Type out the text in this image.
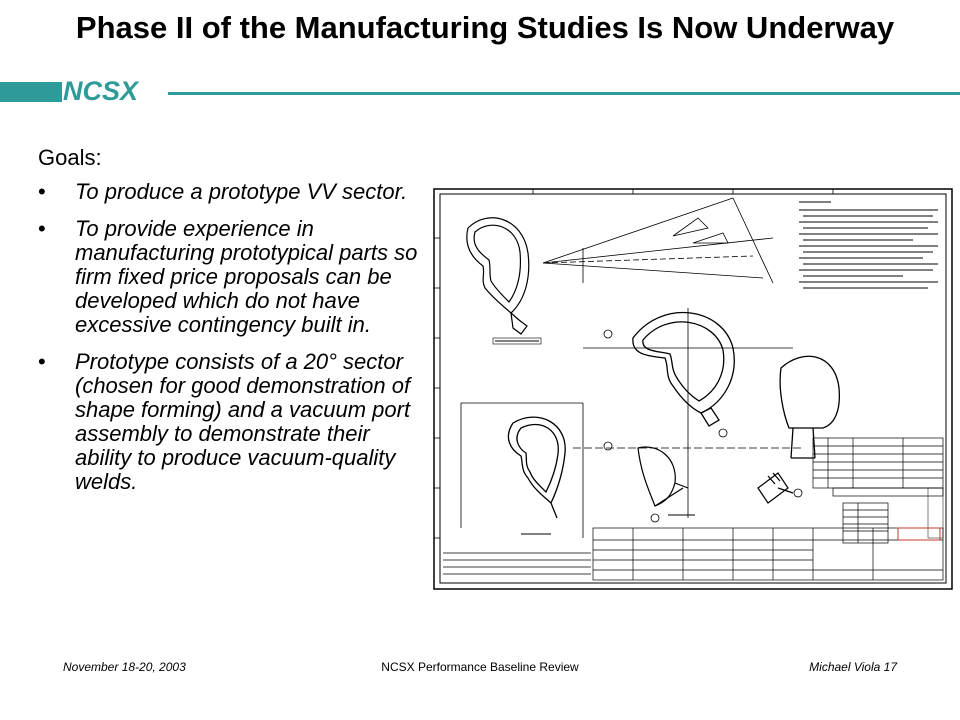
Phase II of the Manufacturing Studies Is Now Underway
NCSX
Goals:
• To produce a prototype VV sector.
• To provide experience in manufacturing prototypical parts so firm fixed price proposals can be developed which do not have excessive contingency built in.
• Prototype consists of a 20° sector (chosen for good demonstration of shape forming) and a vacuum port assembly to demonstrate their ability to produce vacuum-quality welds.
November 18-20, 2003	NCSX Performance Baseline Review	Michael Viola 17
